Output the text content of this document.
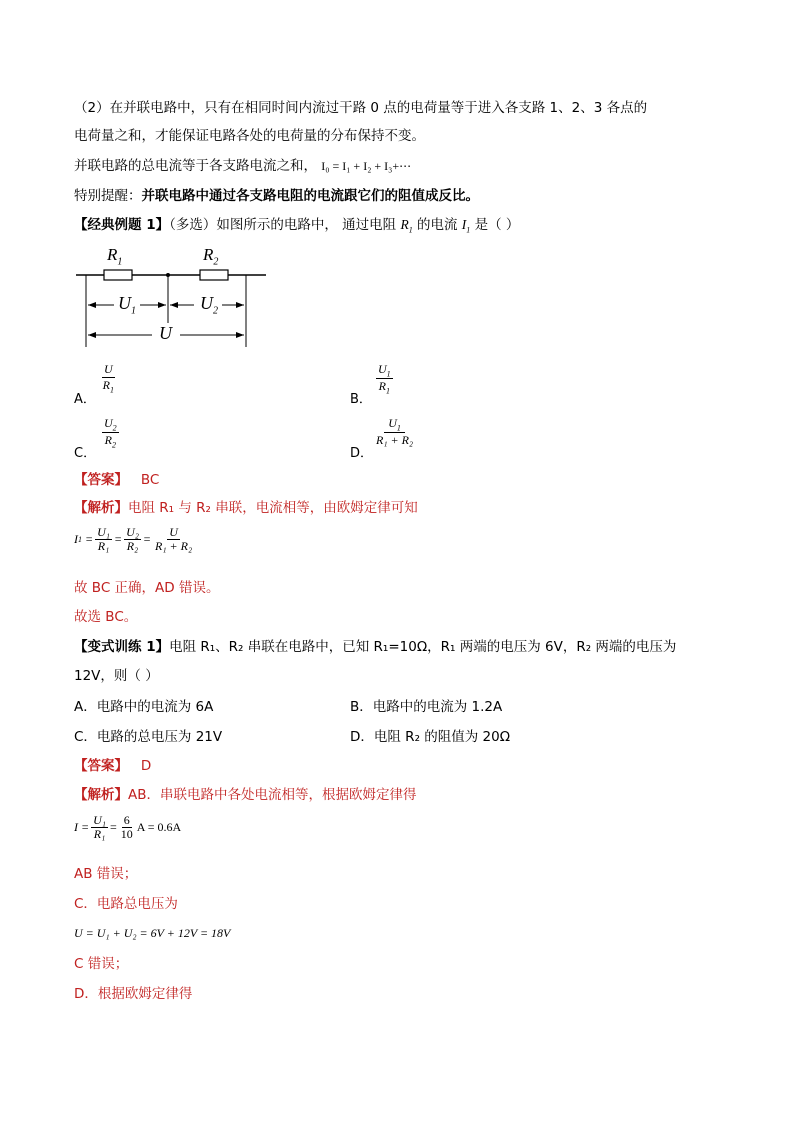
（2）在并联电路中，只有在相同时间内流过干路 0 点的电荷量等于进入各支路 1、2、3 各点的
电荷量之和，才能保证电路各处的电荷量的分布保持不变。
并联电路的总电流等于各支路电流之和， I₀ = I₁ + I₂ + I₃+⋯
特别提醒：并联电路中通过各支路电阻的电流跟它们的阻值成反比。
【经典例题 1】（多选）如图所示的电路中， 通过电阻 $R_1$ 的电流 $I_1$ 是（ ）
$R_1$	$R_2$
$U_1$	$U_2$
U
A．
U
$R_1$
B．
$U_1$
$R_1$
C．
$U_2$
$R_2$
D．
$U_1$
R₁ + R₂
【答案】 BC
【解析】电阻 R₁ 与 R₂ 串联，电流相等，由欧姆定律可知
I $1 = \frac{\text{U₁}}{\text{R₁}} = \frac{\text{U₂}}{\text{R₂}} = \frac{U}{\text{R₁ + R₂}}$
故 BC 正确，AD 错误。
故选 BC。
【变式训练 1】电阻 R₁、R₂ 串联在电路中，已知 R₁=10Ω，R₁ 两端的电压为 6V，R₂ 两端的电压为
12V，则（ ）
A．电路中的电流为 6A	B．电路中的电流为 1.2A
C．电路的总电压为 21V	D．电阻 R₂ 的阻值为 20Ω
【答案】 D
【解析】AB．串联电路中各处电流相等，根据欧姆定律得
$I = \frac{\text{U₁}}{\text{R₁}} = \frac{6}{10}$ A = 0.6A
AB 错误；
C．电路总电压为
U = U₁ + U₂ = 6V + 12V = 18V
C 错误；
D．根据欧姆定律得
